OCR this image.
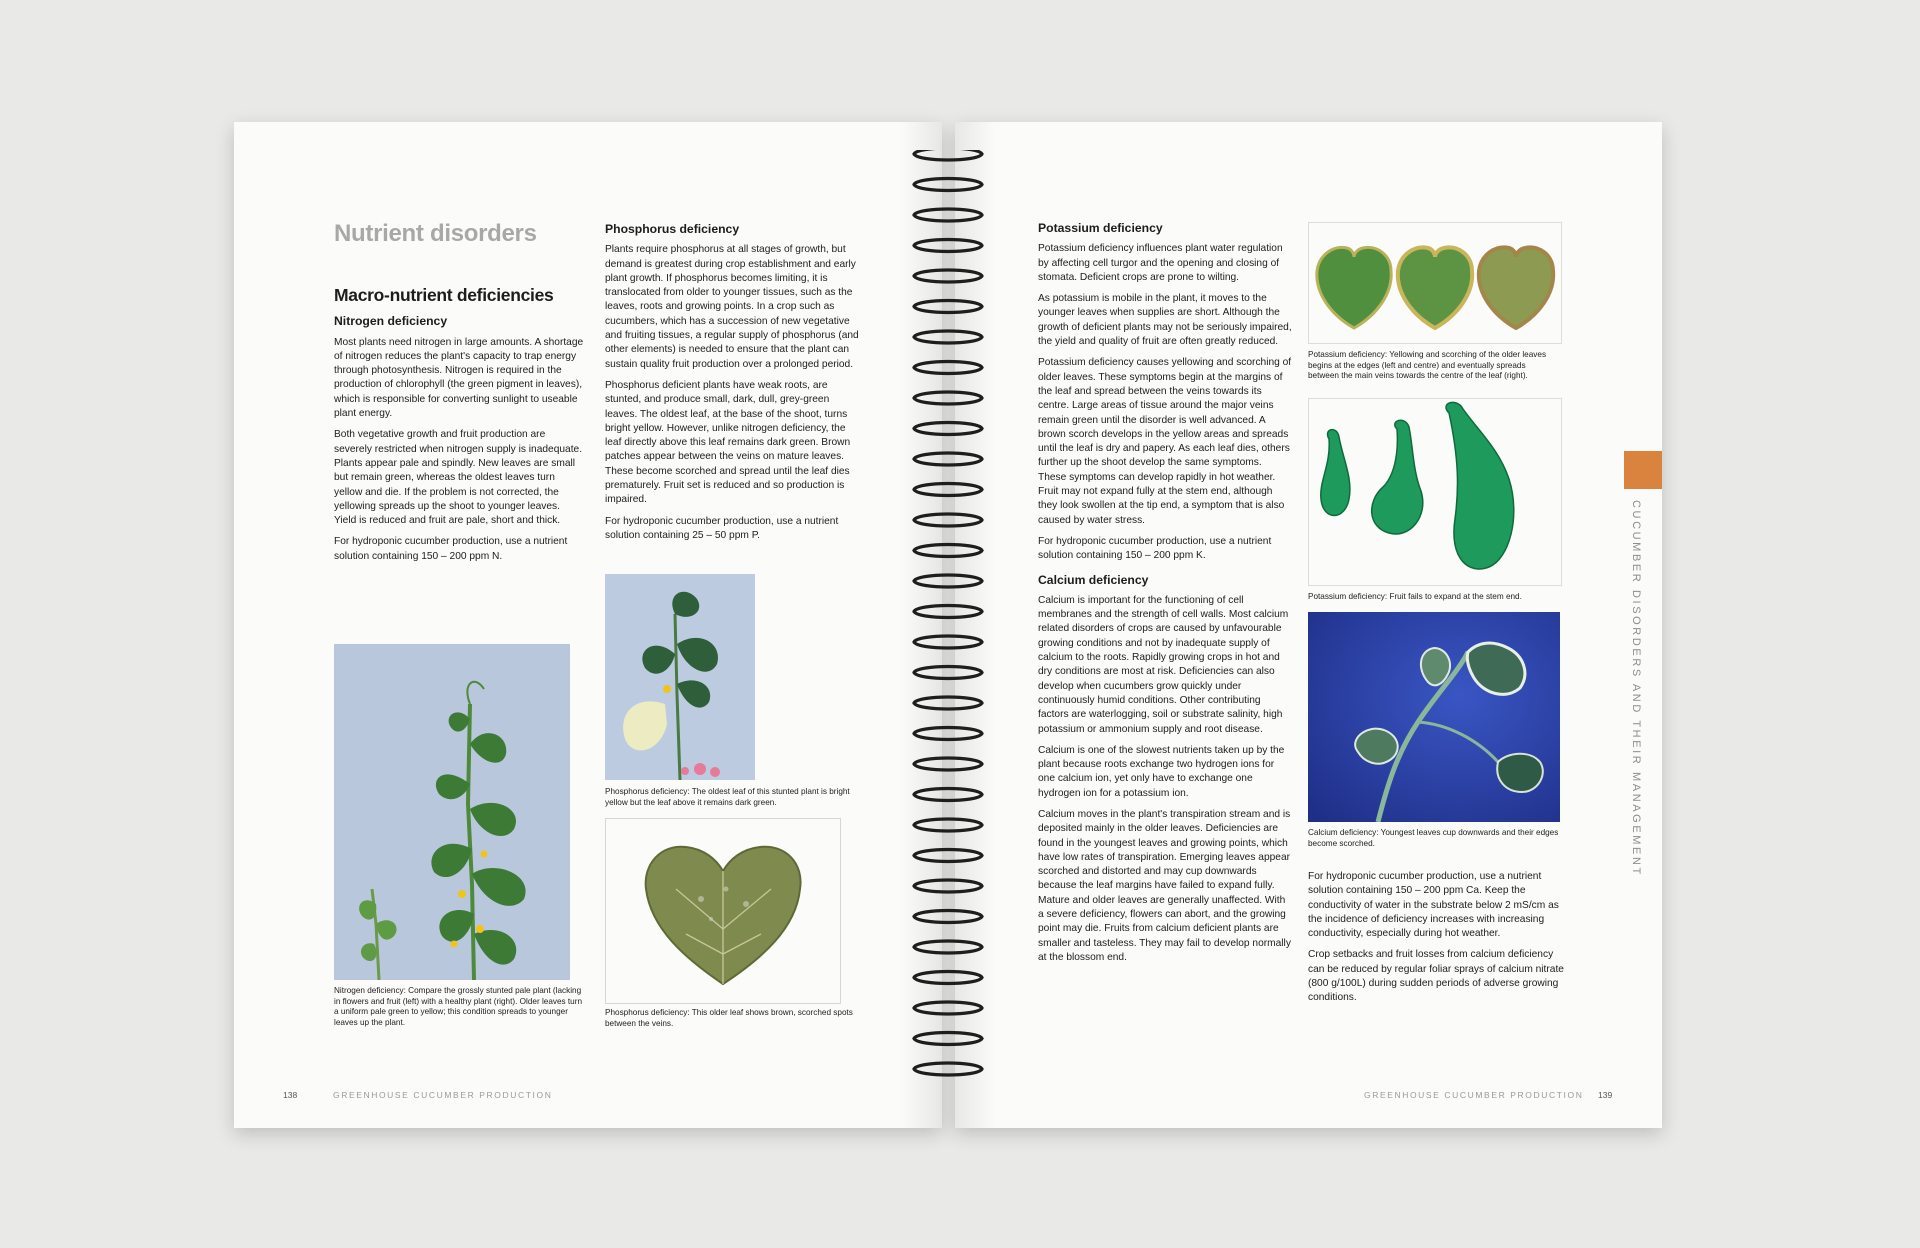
Nutrient disorders
Macro-nutrient deficiencies
Nitrogen deficiency

Most plants need nitrogen in large amounts. A shortage of nitrogen reduces the plant's capacity to trap energy through photosynthesis. Nitrogen is required in the production of chlorophyll (the green pigment in leaves), which is responsible for converting sunlight to useable plant energy.

Both vegetative growth and fruit production are severely restricted when nitrogen supply is inadequate. Plants appear pale and spindly. New leaves are small but remain green, whereas the oldest leaves turn yellow and die. If the problem is not corrected, the yellowing spreads up the shoot to younger leaves. Yield is reduced and fruit are pale, short and thick.

For hydroponic cucumber production, use a nutrient solution containing 150 – 200 ppm N.

Phosphorus deficiency

Plants require phosphorus at all stages of growth, but demand is greatest during crop establishment and early plant growth. If phosphorus becomes limiting, it is translocated from older to younger tissues, such as the leaves, roots and growing points. In a crop such as cucumbers, which has a succession of new vegetative and fruiting tissues, a regular supply of phosphorus (and other elements) is needed to ensure that the plant can sustain quality fruit production over a prolonged period.

Phosphorus deficient plants have weak roots, are stunted, and produce small, dark, dull, grey-green leaves. The oldest leaf, at the base of the shoot, turns bright yellow. However, unlike nitrogen deficiency, the leaf directly above this leaf remains dark green. Brown patches appear between the veins on mature leaves. These become scorched and spread until the leaf dies prematurely. Fruit set is reduced and so production is impaired.

For hydroponic cucumber production, use a nutrient solution containing 25 – 50 ppm P.

Nitrogen deficiency: Compare the grossly stunted pale plant (lacking in flowers and fruit (left) with a healthy plant (right). Older leaves turn a uniform pale green to yellow; this condition spreads to younger leaves up the plant.
Phosphorus deficiency: The oldest leaf of this stunted plant is bright yellow but the leaf above it remains dark green.
Phosphorus deficiency: This older leaf shows brown, scorched spots between the veins.
138	GREENHOUSE CUCUMBER PRODUCTION
Potassium deficiency

Potassium deficiency influences plant water regulation by affecting cell turgor and the opening and closing of stomata. Deficient crops are prone to wilting.

As potassium is mobile in the plant, it moves to the younger leaves when supplies are short. Although the growth of deficient plants may not be seriously impaired, the yield and quality of fruit are often greatly reduced.

Potassium deficiency causes yellowing and scorching of older leaves. These symptoms begin at the margins of the leaf and spread between the veins towards its centre. Large areas of tissue around the major veins remain green until the disorder is well advanced. A brown scorch develops in the yellow areas and spreads until the leaf is dry and papery. As each leaf dies, others further up the shoot develop the same symptoms. These symptoms can develop rapidly in hot weather. Fruit may not expand fully at the stem end, although they look swollen at the tip end, a symptom that is also caused by water stress.

For hydroponic cucumber production, use a nutrient solution containing 150 – 200 ppm K.

Calcium deficiency

Calcium is important for the functioning of cell membranes and the strength of cell walls. Most calcium related disorders of crops are caused by unfavourable growing conditions and not by inadequate supply of calcium to the roots. Rapidly growing crops in hot and dry conditions are most at risk. Deficiencies can also develop when cucumbers grow quickly under continuously humid conditions. Other contributing factors are waterlogging, soil or substrate salinity, high potassium or ammonium supply and root disease.

Calcium is one of the slowest nutrients taken up by the plant because roots exchange two hydrogen ions for one calcium ion, yet only have to exchange one hydrogen ion for a potassium ion.

Calcium moves in the plant's transpiration stream and is deposited mainly in the older leaves. Deficiencies are found in the youngest leaves and growing points, which have low rates of transpiration. Emerging leaves appear scorched and distorted and may cup downwards because the leaf margins have failed to expand fully. Mature and older leaves are generally unaffected. With a severe deficiency, flowers can abort, and the growing point may die. Fruits from calcium deficient plants are smaller and tasteless. They may fail to develop normally at the blossom end.

Potassium deficiency: Yellowing and scorching of the older leaves begins at the edges (left and centre) and eventually spreads between the main veins towards the centre of the leaf (right).
Potassium deficiency: Fruit fails to expand at the stem end.
Calcium deficiency: Youngest leaves cup downwards and their edges become scorched.

For hydroponic cucumber production, use a nutrient solution containing 150 – 200 ppm Ca. Keep the conductivity of water in the substrate below 2 mS/cm as the incidence of deficiency increases with increasing conductivity, especially during hot weather.

Crop setbacks and fruit losses from calcium deficiency can be reduced by regular foliar sprays of calcium nitrate (800 g/100L) during sudden periods of adverse growing conditions.

CUCUMBER DISORDERS AND THEIR MANAGEMENT
GREENHOUSE CUCUMBER PRODUCTION 139
